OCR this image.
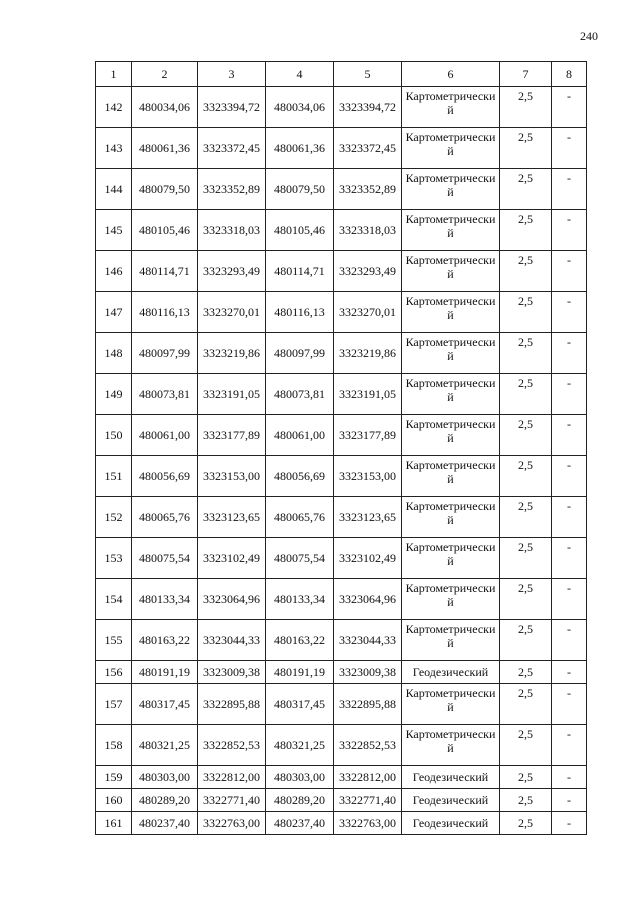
240
1	2	3	4	5	6	7	8
142	480034,06	3323394,72	480034,06	3323394,72	Картометрический	2,5	-
143	480061,36	3323372,45	480061,36	3323372,45	Картометрический	2,5	-
144	480079,50	3323352,89	480079,50	3323352,89	Картометрический	2,5	-
145	480105,46	3323318,03	480105,46	3323318,03	Картометрический	2,5	-
146	480114,71	3323293,49	480114,71	3323293,49	Картометрический	2,5	-
147	480116,13	3323270,01	480116,13	3323270,01	Картометрический	2,5	-
148	480097,99	3323219,86	480097,99	3323219,86	Картометрический	2,5	-
149	480073,81	3323191,05	480073,81	3323191,05	Картометрический	2,5	-
150	480061,00	3323177,89	480061,00	3323177,89	Картометрический	2,5	-
151	480056,69	3323153,00	480056,69	3323153,00	Картометрический	2,5	-
152	480065,76	3323123,65	480065,76	3323123,65	Картометрический	2,5	-
153	480075,54	3323102,49	480075,54	3323102,49	Картометрический	2,5	-
154	480133,34	3323064,96	480133,34	3323064,96	Картометрический	2,5	-
155	480163,22	3323044,33	480163,22	3323044,33	Картометрический	2,5	-
156	480191,19	3323009,38	480191,19	3323009,38	Геодезический	2,5	-
157	480317,45	3322895,88	480317,45	3322895,88	Картометрический	2,5	-
158	480321,25	3322852,53	480321,25	3322852,53	Картометрический	2,5	-
159	480303,00	3322812,00	480303,00	3322812,00	Геодезический	2,5	-
160	480289,20	3322771,40	480289,20	3322771,40	Геодезический	2,5	-
161	480237,40	3322763,00	480237,40	3322763,00	Геодезический	2,5	-
